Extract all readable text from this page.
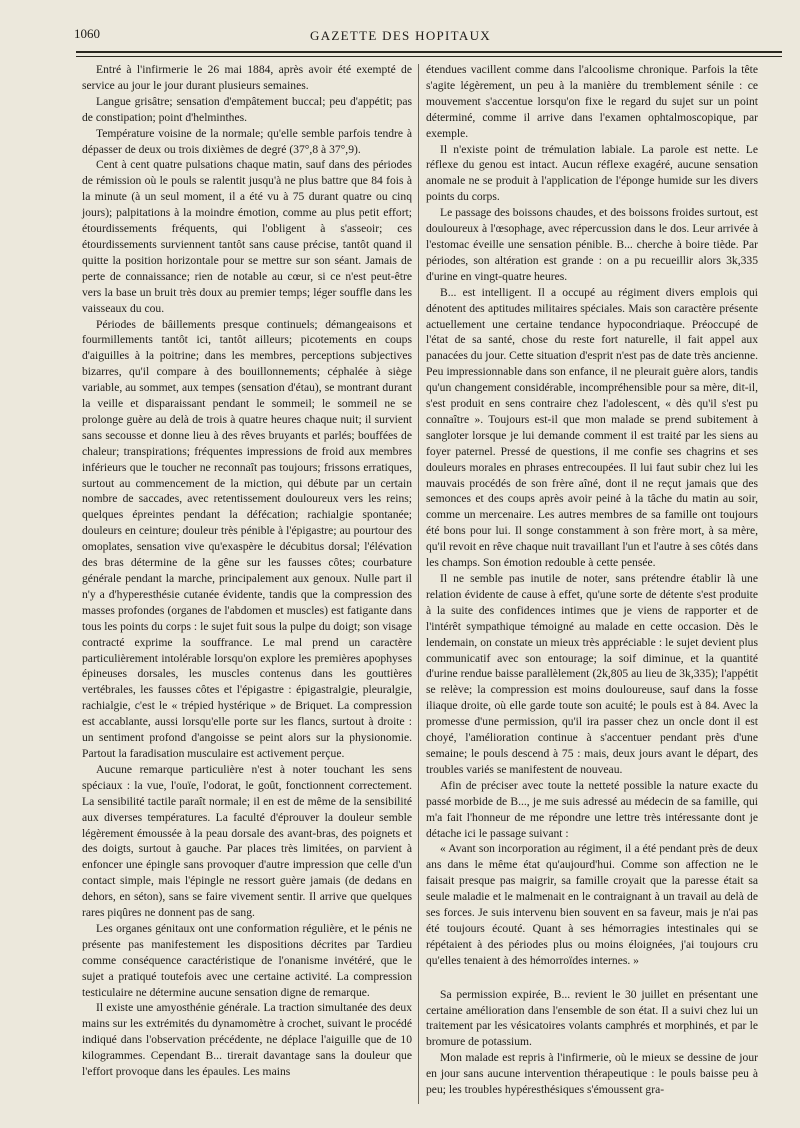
1060	GAZETTE DES HOPITAUX

Entré à l'infirmerie le 26 mai 1884, après avoir été exempté de service au jour le jour durant plusieurs semaines.

Langue grisâtre; sensation d'empâtement buccal; peu d'appétit; pas de constipation; point d'helminthes.

Température voisine de la normale; qu'elle semble parfois tendre à dépasser de deux ou trois dixièmes de degré (37°,8 à 37°,9).

Cent à cent quatre pulsations chaque matin, sauf dans des périodes de rémission où le pouls se ralentit jusqu'à ne plus battre que 84 fois à la minute (à un seul moment, il a été vu à 75 durant quatre ou cinq jours); palpitations à la moindre émotion, comme au plus petit effort; étourdissements fréquents, qui l'obligent à s'asseoir; ces étourdissements surviennent tantôt sans cause précise, tantôt quand il quitte la position horizontale pour se mettre sur son séant. Jamais de perte de connaissance; rien de notable au cœur, si ce n'est peut-être vers la base un bruit très doux au premier temps; léger souffle dans les vaisseaux du cou.

Périodes de bâillements presque continuels; démangeaisons et fourmillements tantôt ici, tantôt ailleurs; picotements en coups d'aiguilles à la poitrine; dans les membres, perceptions subjectives bizarres, qu'il compare à des bouillonnements; céphalée à siège variable, au sommet, aux tempes (sensation d'étau), se montrant durant la veille et disparaissant pendant le sommeil; le sommeil ne se prolonge guère au delà de trois à quatre heures chaque nuit; il survient sans secousse et donne lieu à des rêves bruyants et parlés; bouffées de chaleur; transpirations; fréquentes impressions de froid aux membres inférieurs que le toucher ne reconnaît pas toujours; frissons erratiques, surtout au commencement de la miction, qui débute par un certain nombre de saccades, avec retentissement douloureux vers les reins; quelques épreintes pendant la défécation; rachialgie spontanée; douleurs en ceinture; douleur très pénible à l'épigastre; au pourtour des omoplates, sensation vive qu'exaspère le décubitus dorsal; l'élévation des bras détermine de la gêne sur les fausses côtes; courbature générale pendant la marche, principalement aux genoux. Nulle part il n'y a d'hyperesthésie cutanée évidente, tandis que la compression des masses profondes (organes de l'abdomen et muscles) est fatigante dans tous les points du corps : le sujet fuit sous la pulpe du doigt; son visage contracté exprime la souffrance. Le mal prend un caractère particulièrement intolérable lorsqu'on explore les premières apophyses épineuses dorsales, les muscles contenus dans les gouttières vertébrales, les fausses côtes et l'épigastre : épigastralgie, pleuralgie, rachialgie, c'est le « trépied hystérique » de Briquet. La compression est accablante, aussi lorsqu'elle porte sur les flancs, surtout à droite : un sentiment profond d'angoisse se peint alors sur la physionomie. Partout la faradisation musculaire est activement perçue.

Aucune remarque particulière n'est à noter touchant les sens spéciaux : la vue, l'ouïe, l'odorat, le goût, fonctionnent correctement. La sensibilité tactile paraît normale; il en est de même de la sensibilité aux diverses températures. La faculté d'éprouver la douleur semble légèrement émoussée à la peau dorsale des avant-bras, des poignets et des doigts, surtout à gauche. Par places très limitées, on parvient à enfoncer une épingle sans provoquer d'autre impression que celle d'un contact simple, mais l'épingle ne ressort guère jamais (de dedans en dehors, en séton), sans se faire vivement sentir. Il arrive que quelques rares piqûres ne donnent pas de sang.

Les organes génitaux ont une conformation régulière, et le pénis ne présente pas manifestement les dispositions décrites par Tardieu comme conséquence caractéristique de l'onanisme invétéré, que le sujet a pratiqué toutefois avec une certaine activité. La compression testiculaire ne détermine aucune sensation digne de remarque.

Il existe une amyosthénie générale. La traction simultanée des deux mains sur les extrémités du dynamomètre à crochet, suivant le procédé indiqué dans l'observation précédente, ne déplace l'aiguille que de 10 kilogrammes. Cependant B... tirerait davantage sans la douleur que l'effort provoque dans les épaules. Les mains

étendues vacillent comme dans l'alcoolisme chronique. Parfois la tête s'agite légèrement, un peu à la manière du tremblement sénile : ce mouvement s'accentue lorsqu'on fixe le regard du sujet sur un point déterminé, comme il arrive dans l'examen ophtalmoscopique, par exemple.

Il n'existe point de trémulation labiale. La parole est nette. Le réflexe du genou est intact. Aucun réflexe exagéré, aucune sensation anomale ne se produit à l'application de l'éponge humide sur les divers points du corps.

Le passage des boissons chaudes, et des boissons froides surtout, est douloureux à l'œsophage, avec répercussion dans le dos. Leur arrivée à l'estomac éveille une sensation pénible. B... cherche à boire tiède. Par périodes, son altération est grande : on a pu recueillir alors 3k,335 d'urine en vingt-quatre heures.

B... est intelligent. Il a occupé au régiment divers emplois qui dénotent des aptitudes militaires spéciales. Mais son caractère présente actuellement une certaine tendance hypocondriaque. Préoccupé de l'état de sa santé, chose du reste fort naturelle, il fait appel aux panacées du jour. Cette situation d'esprit n'est pas de date très ancienne. Peu impressionnable dans son enfance, il ne pleurait guère alors, tandis qu'un changement considérable, incompréhensible pour sa mère, dit-il, s'est produit en sens contraire chez l'adolescent, « dès qu'il s'est pu connaître ». Toujours est-il que mon malade se prend subitement à sangloter lorsque je lui demande comment il est traité par les siens au foyer paternel. Pressé de questions, il me confie ses chagrins et ses douleurs morales en phrases entrecoupées. Il lui faut subir chez lui les mauvais procédés de son frère aîné, dont il ne reçut jamais que des semonces et des coups après avoir peiné à la tâche du matin au soir, comme un mercenaire. Les autres membres de sa famille ont toujours été bons pour lui. Il songe constamment à son frère mort, à sa mère, qu'il revoit en rêve chaque nuit travaillant l'un et l'autre à ses côtés dans les champs. Son émotion redouble à cette pensée.

Il ne semble pas inutile de noter, sans prétendre établir là une relation évidente de cause à effet, qu'une sorte de détente s'est produite à la suite des confidences intimes que je viens de rapporter et de l'intérêt sympathique témoigné au malade en cette occasion. Dès le lendemain, on constate un mieux très appréciable : le sujet devient plus communicatif avec son entourage; la soif diminue, et la quantité d'urine rendue baisse parallèlement (2k,805 au lieu de 3k,335); l'appétit se relève; la compression est moins douloureuse, sauf dans la fosse iliaque droite, où elle garde toute son acuité; le pouls est à 84. Avec la promesse d'une permission, qu'il ira passer chez un oncle dont il est choyé, l'amélioration continue à s'accentuer pendant près d'une semaine; le pouls descend à 75 : mais, deux jours avant le départ, des troubles variés se manifestent de nouveau.

Afin de préciser avec toute la netteté possible la nature exacte du passé morbide de B..., je me suis adressé au médecin de sa famille, qui m'a fait l'honneur de me répondre une lettre très intéressante dont je détache ici le passage suivant :

« Avant son incorporation au régiment, il a été pendant près de deux ans dans le même état qu'aujourd'hui. Comme son affection ne le faisait presque pas maigrir, sa famille croyait que la paresse était sa seule maladie et le malmenait en le contraignant à un travail au delà de ses forces. Je suis intervenu bien souvent en sa faveur, mais je n'ai pas été toujours écouté. Quant à ses hémorragies intestinales qui se répétaient à des périodes plus ou moins éloignées, j'ai toujours cru qu'elles tenaient à des hémorroïdes internes. »

Sa permission expirée, B... revient le 30 juillet en présentant une certaine amélioration dans l'ensemble de son état. Il a suivi chez lui un traitement par les vésicatoires volants camphrés et morphinés, et par le bromure de potassium.

Mon malade est repris à l'infirmerie, où le mieux se dessine de jour en jour sans aucune intervention thérapeutique : le pouls baisse peu à peu; les troubles hypéresthésiques s'émoussent gra-
